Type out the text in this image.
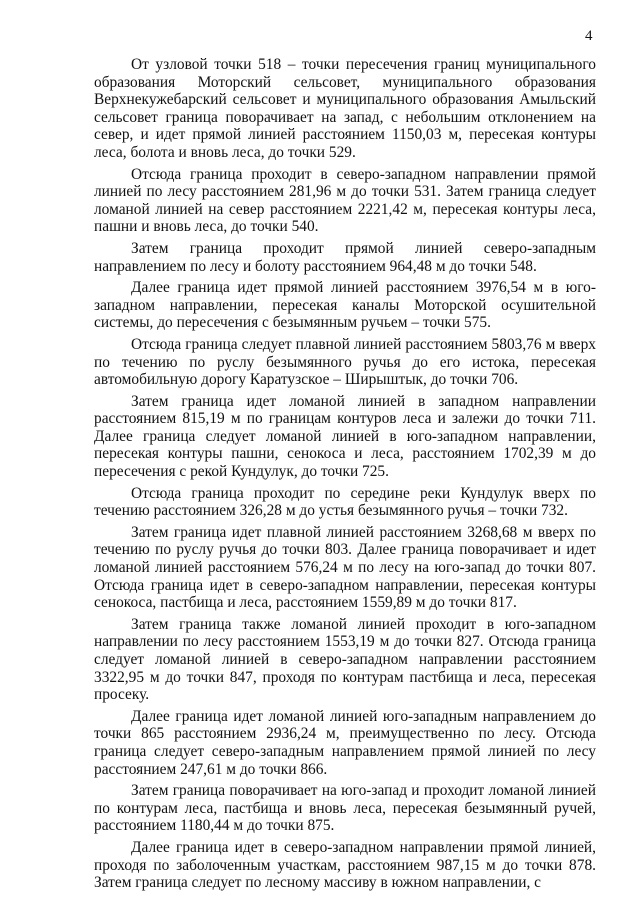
4

От узловой точки 518 – точки пересечения границ муниципального образования Моторский сельсовет, муниципального образования Верхнекужебарский сельсовет и муниципального образования Амыльский сельсовет граница поворачивает на запад, с небольшим отклонением на север, и идет прямой линией расстоянием 1150,03 м, пересекая контуры леса, болота и вновь леса, до точки 529.

Отсюда граница проходит в северо-западном направлении прямой линией по лесу расстоянием 281,96 м до точки 531. Затем граница следует ломаной линией на север расстоянием 2221,42 м, пересекая контуры леса, пашни и вновь леса, до точки 540.

Затем граница проходит прямой линией северо-западным направлением по лесу и болоту расстоянием 964,48 м до точки 548.

Далее граница идет прямой линией расстоянием 3976,54 м в юго-западном направлении, пересекая каналы Моторской осушительной системы, до пересечения с безымянным ручьем – точки 575.

Отсюда граница следует плавной линией расстоянием 5803,76 м вверх по течению по руслу безымянного ручья до его истока, пересекая автомобильную дорогу Каратузское – Ширыштык, до точки 706.

Затем граница идет ломаной линией в западном направлении расстоянием 815,19 м по границам контуров леса и залежи до точки 711. Далее граница следует ломаной линией в юго-западном направлении, пересекая контуры пашни, сенокоса и леса, расстоянием 1702,39 м до пересечения с рекой Кундулук, до точки 725.

Отсюда граница проходит по середине реки Кундулук вверх по течению расстоянием 326,28 м до устья безымянного ручья – точки 732.

Затем граница идет плавной линией расстоянием 3268,68 м вверх по течению по руслу ручья до точки 803. Далее граница поворачивает и идет ломаной линией расстоянием 576,24 м по лесу на юго-запад до точки 807. Отсюда граница идет в северо-западном направлении, пересекая контуры сенокоса, пастбища и леса, расстоянием 1559,89 м до точки 817.

Затем граница также ломаной линией проходит в юго-западном направлении по лесу расстоянием 1553,19 м до точки 827. Отсюда граница следует ломаной линией в северо-западном направлении расстоянием 3322,95 м до точки 847, проходя по контурам пастбища и леса, пересекая просеку.

Далее граница идет ломаной линией юго-западным направлением до точки 865 расстоянием 2936,24 м, преимущественно по лесу. Отсюда граница следует северо-западным направлением прямой линией по лесу расстоянием 247,61 м до точки 866.

Затем граница поворачивает на юго-запад и проходит ломаной линией по контурам леса, пастбища и вновь леса, пересекая безымянный ручей, расстоянием 1180,44 м до точки 875.

Далее граница идет в северо-западном направлении прямой линией, проходя по заболоченным участкам, расстоянием 987,15 м до точки 878. Затем граница следует по лесному массиву в южном направлении, с
